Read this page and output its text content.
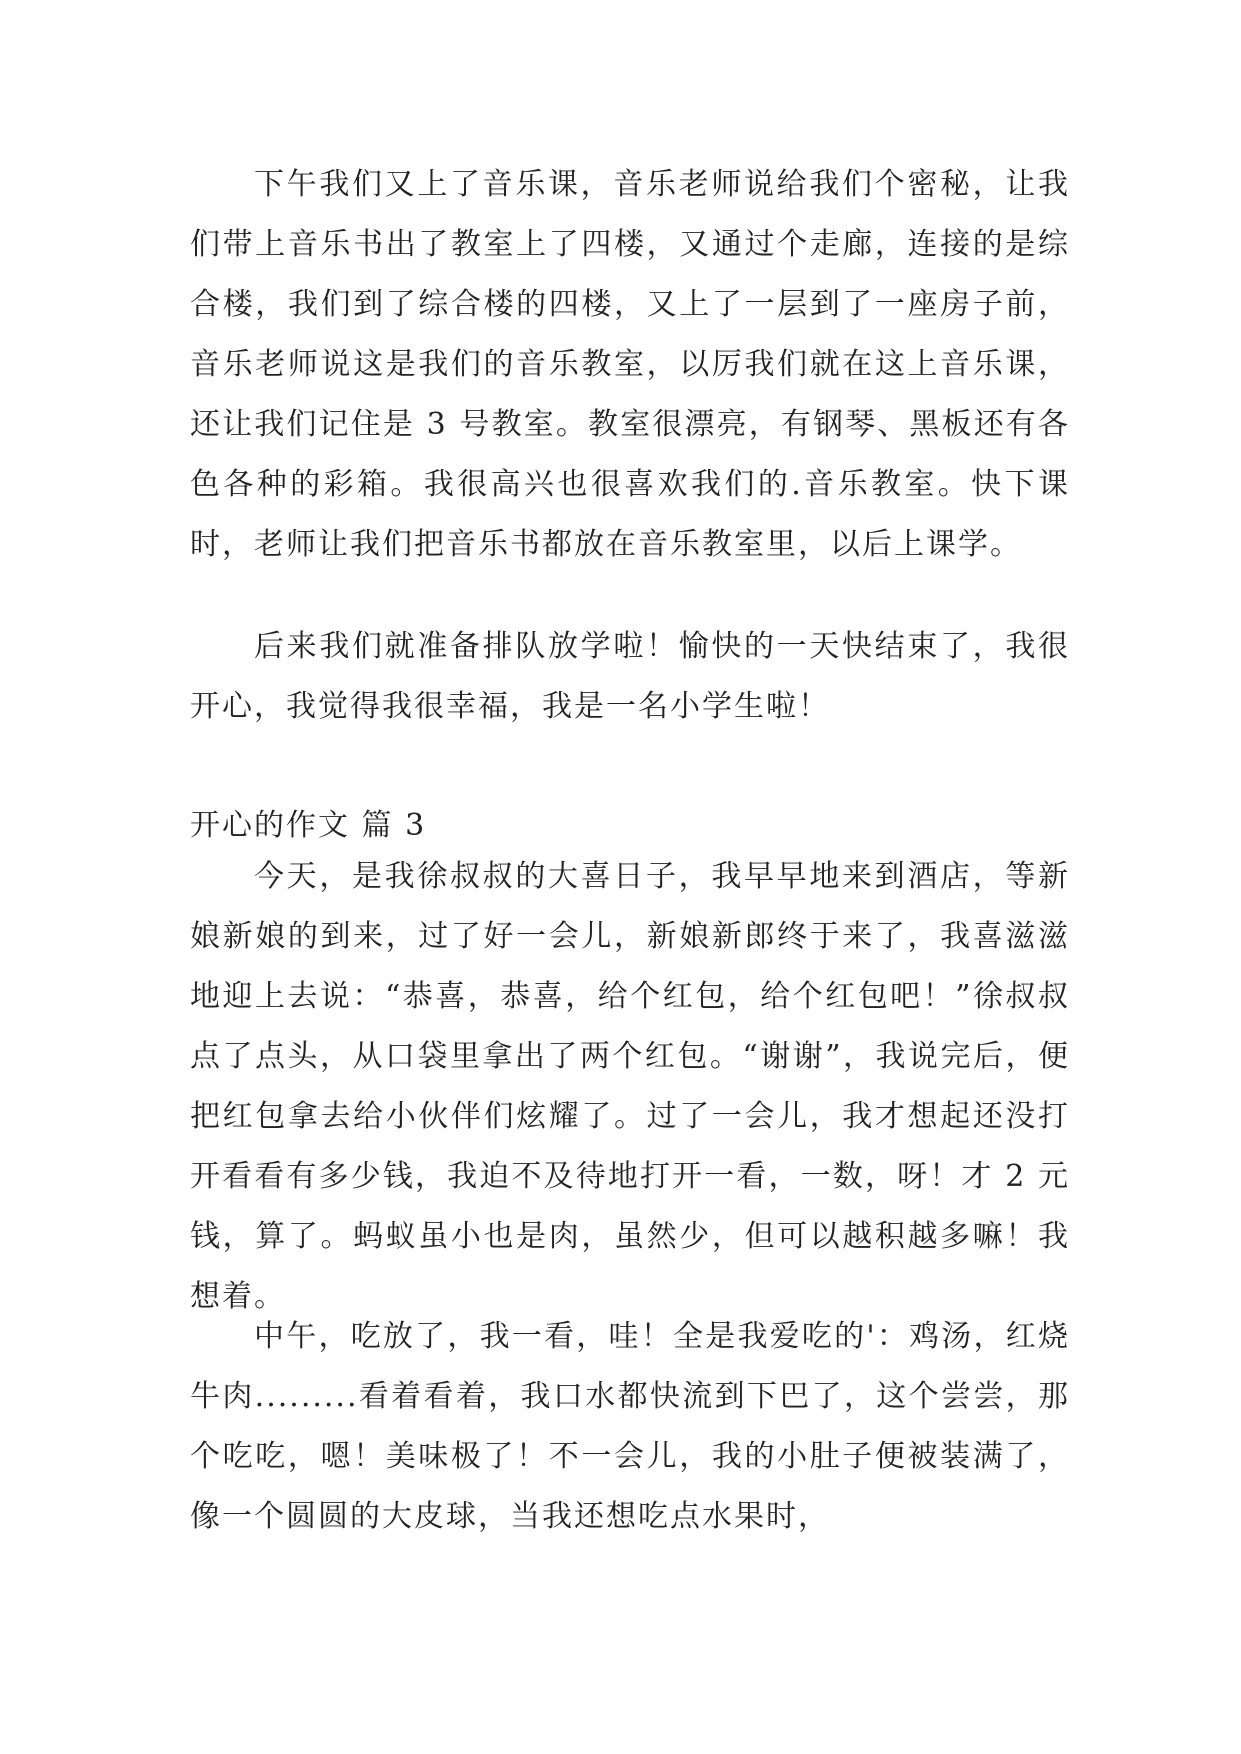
下午我们又上了音乐课，音乐老师说给我们个密秘，让我们带上音乐书出了教室上了四楼，又通过个走廊，连接的是综合楼，我们到了综合楼的四楼，又上了一层到了一座房子前，音乐老师说这是我们的音乐教室，以厉我们就在这上音乐课，还让我们记住是 3 号教室。教室很漂亮，有钢琴、黑板还有各色各种的彩箱。我很高兴也很喜欢我们的.音乐教室。快下课时，老师让我们把音乐书都放在音乐教室里，以后上课学。

后来我们就准备排队放学啦！愉快的一天快结束了，我很开心，我觉得我很幸福，我是一名小学生啦！

开心的作文 篇 3

今天，是我徐叔叔的大喜日子，我早早地来到酒店，等新娘新娘的到来，过了好一会儿，新娘新郎终于来了，我喜滋滋地迎上去说：“恭喜，恭喜，给个红包，给个红包吧！”徐叔叔点了点头，从口袋里拿出了两个红包。“谢谢”，我说完后，便把红包拿去给小伙伴们炫耀了。过了一会儿，我才想起还没打开看看有多少钱，我迫不及待地打开一看，一数，呀！才 2 元钱，算了。蚂蚁虽小也是肉，虽然少，但可以越积越多嘛！我想着。

中午，吃放了，我一看，哇！全是我爱吃的'：鸡汤，红烧牛肉.........看着看着，我口水都快流到下巴了，这个尝尝，那个吃吃，嗯！美味极了！不一会儿，我的小肚子便被装满了，像一个圆圆的大皮球，当我还想吃点水果时，
